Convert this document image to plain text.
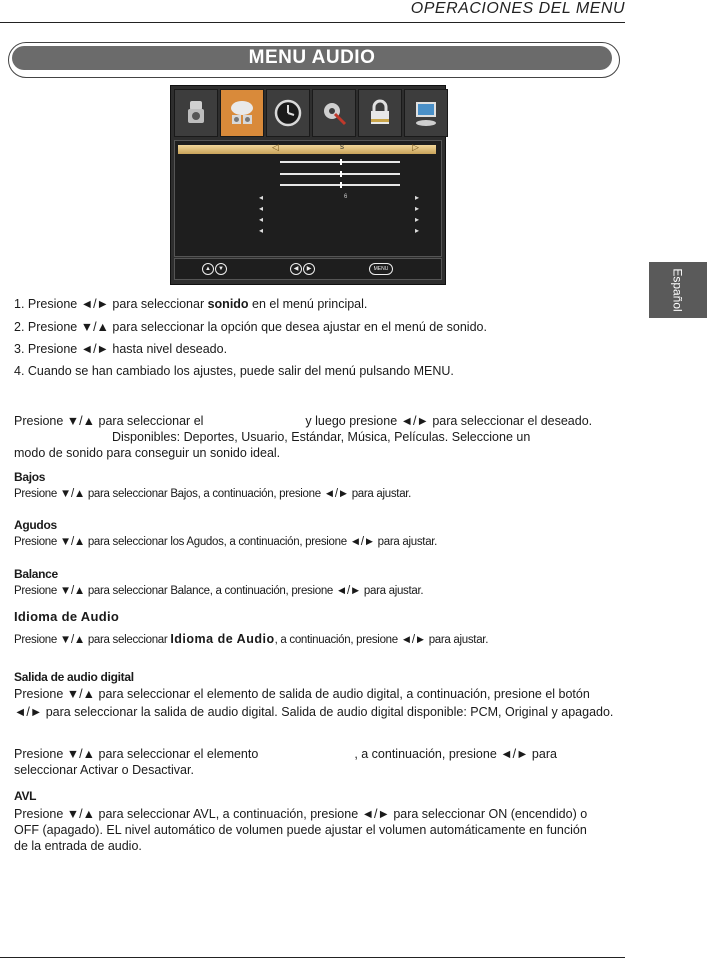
OPERACIONES DEL MENU
MENU AUDIO
◁	s	▷
◂	6	▸
◂	▸
◂	▸
◂	▸
▲	▼	◀	▶	MENU	Español
1. Presione ◄/► para seleccionar sonido en el menú principal.
2. Presione ▼/▲ para seleccionar la opción que desea ajustar en el menú de sonido.
3. Presione ◄/► hasta nivel deseado.
4. Cuando se han cambiado los ajustes, puede salir del menú pulsando MENU.
Presione ▼/▲ para seleccionar el	y luego presione ◄/► para seleccionar el deseado.
Disponibles: Deportes, Usuario, Estándar, Música, Películas. Seleccione un
modo de sonido para conseguir un sonido ideal.
Bajos
Presione ▼/▲ para seleccionar Bajos, a continuación, presione ◄/► para ajustar.
Agudos
Presione ▼/▲ para seleccionar los Agudos, a continuación, presione ◄/► para ajustar.
Balance
Presione ▼/▲ para seleccionar Balance, a continuación, presione ◄/► para ajustar.
Idioma de Audio
Presione ▼/▲ para seleccionar Idioma de Audio, a continuación, presione ◄/► para ajustar.
Salida de audio digital
Presione ▼/▲ para seleccionar el elemento de salida de audio digital, a continuación, presione el botón
◄/► para seleccionar la salida de audio digital. Salida de audio digital disponible: PCM, Original y apagado.
Presione ▼/▲ para seleccionar el elemento	, a continuación, presione ◄/► para
seleccionar Activar o Desactivar.
AVL
Presione ▼/▲ para seleccionar AVL, a continuación, presione ◄/► para seleccionar ON (encendido) o
OFF (apagado). EL nivel automático de volumen puede ajustar el volumen automáticamente en función
de la entrada de audio.
